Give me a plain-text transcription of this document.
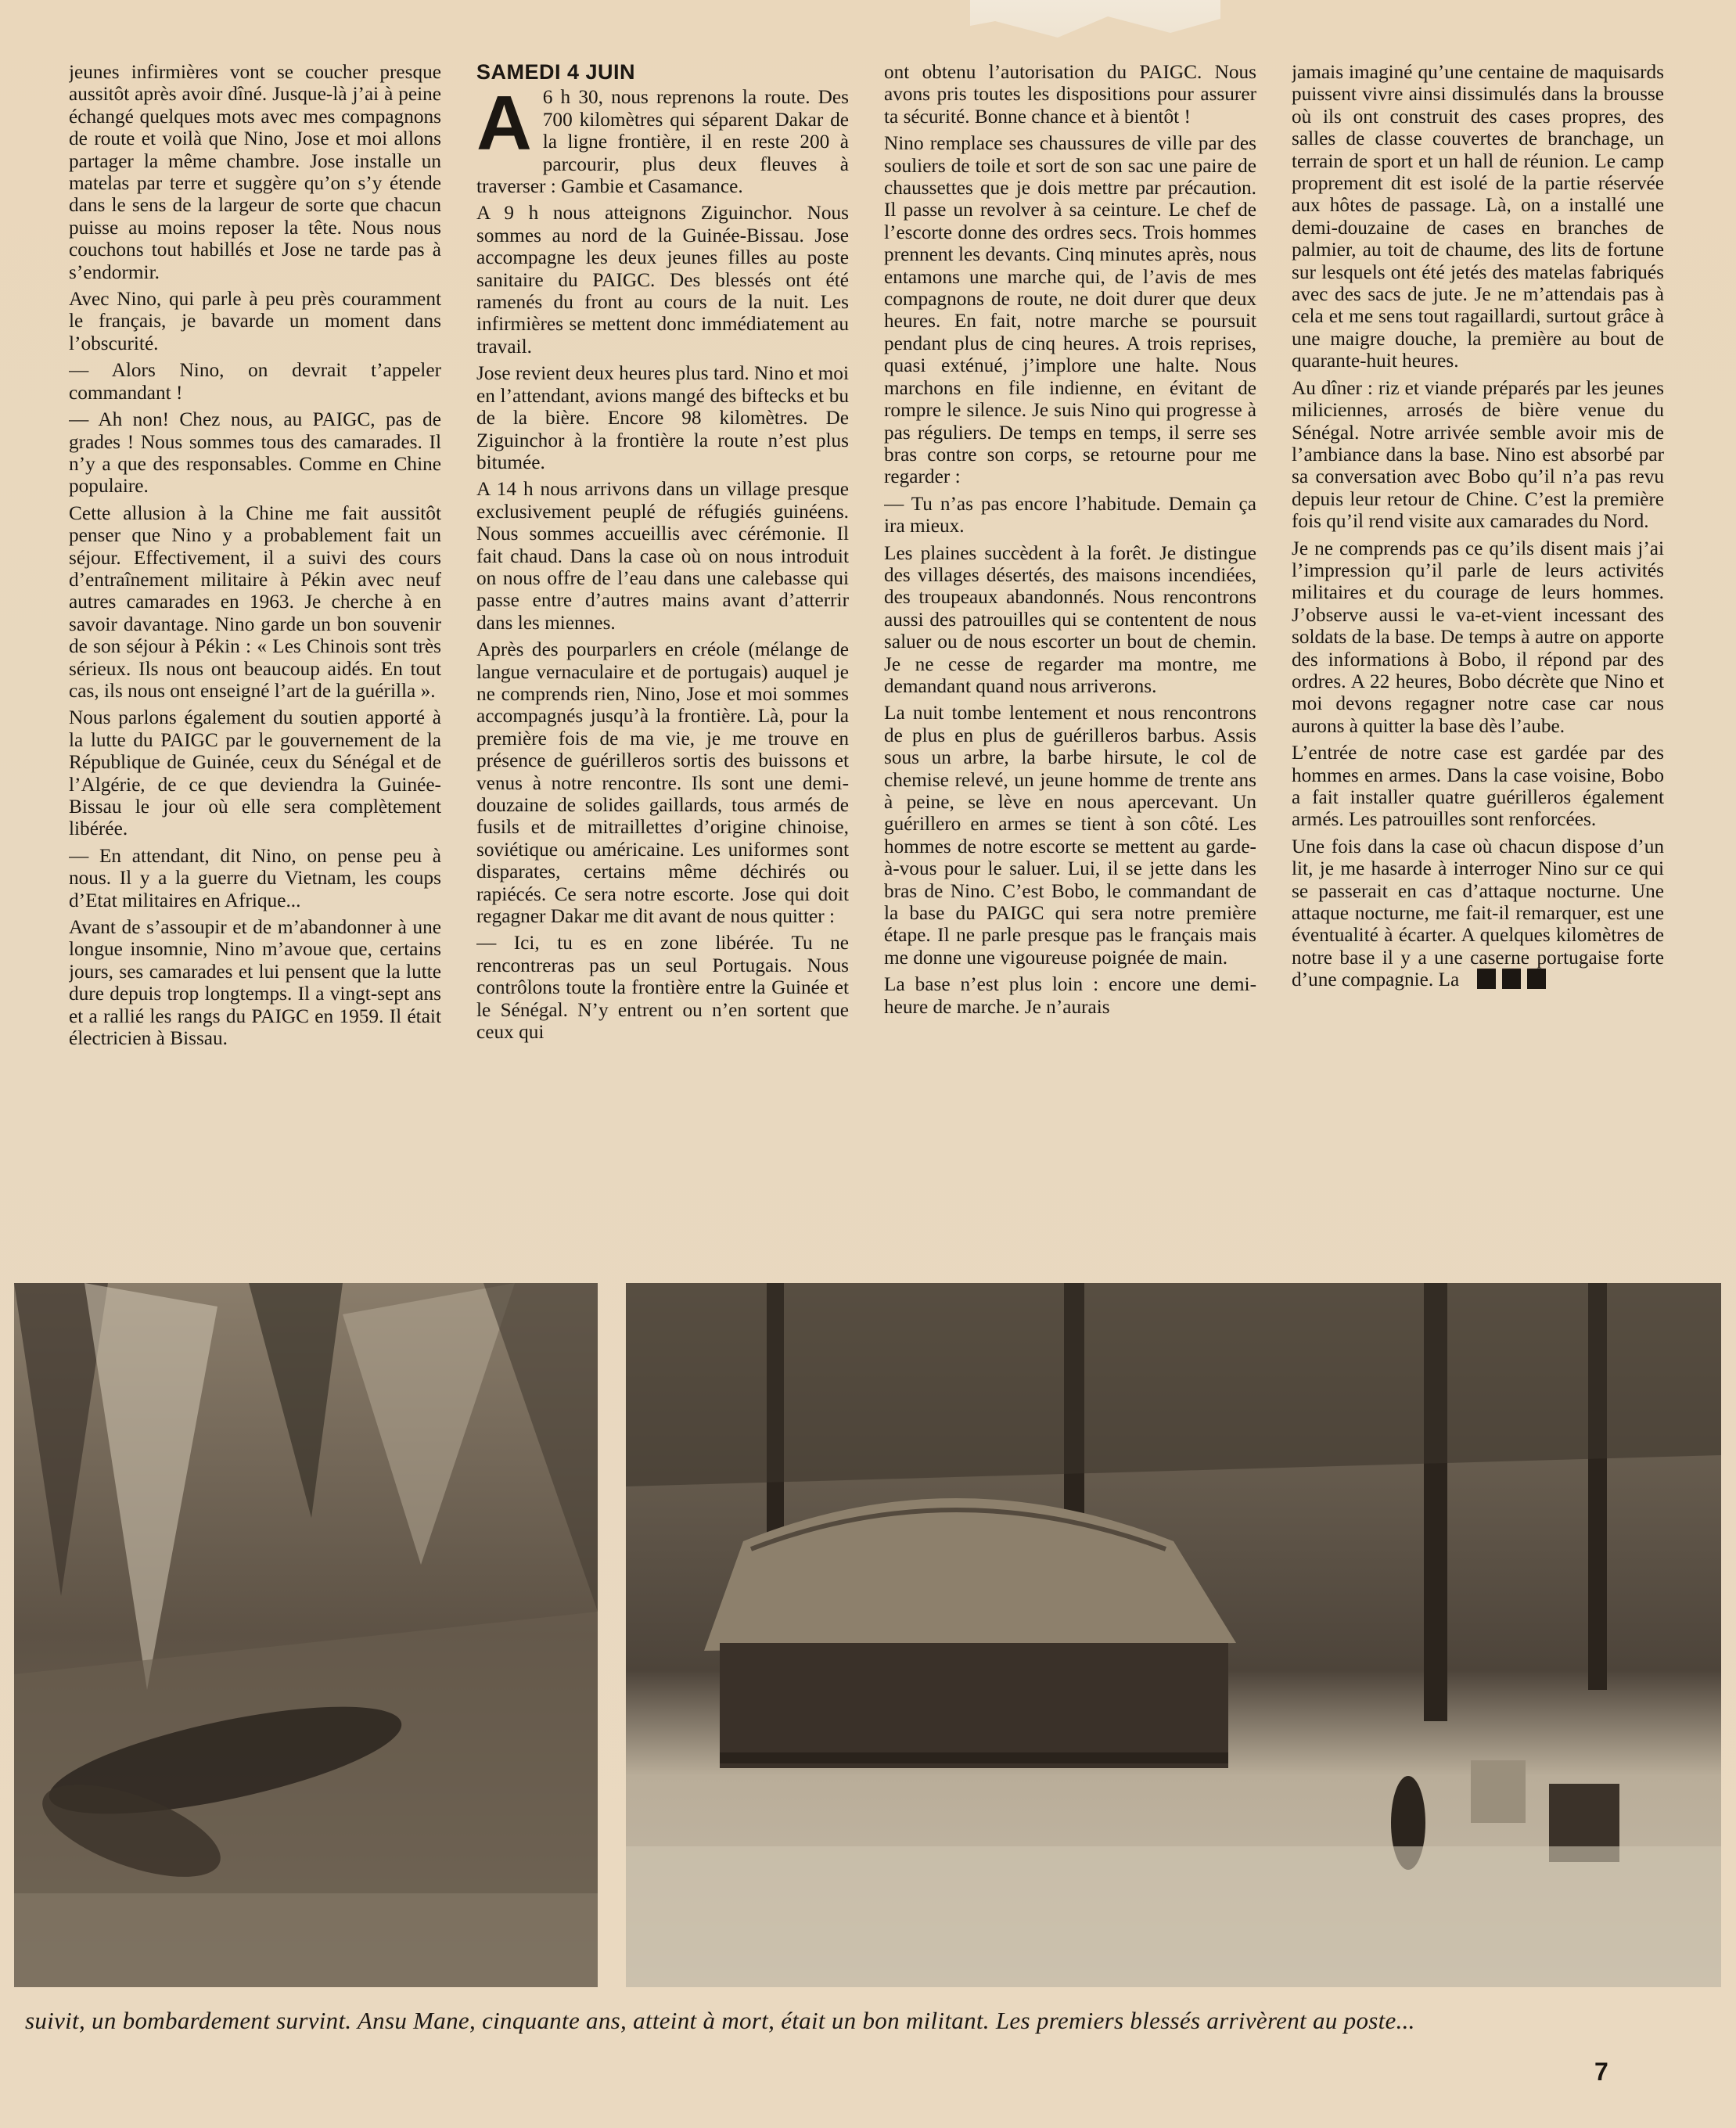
jeunes infirmières vont se coucher presque aussitôt après avoir dîné. Jusque-là j’ai à peine échangé quelques mots avec mes compagnons de route et voilà que Nino, Jose et moi allons partager la même chambre. Jose installe un matelas par terre et suggère qu’on s’y étende dans le sens de la largeur de sorte que chacun puisse au moins reposer la tête. Nous nous couchons tout habillés et Jose ne tarde pas à s’endormir.

Avec Nino, qui parle à peu près couramment le français, je bavarde un moment dans l’obscurité.

— Alors Nino, on devrait t’appeler commandant !

— Ah non! Chez nous, au PAIGC, pas de grades ! Nous sommes tous des camarades. Il n’y a que des responsables. Comme en Chine populaire.

Cette allusion à la Chine me fait aussitôt penser que Nino y a probablement fait un séjour. Effectivement, il a suivi des cours d’entraînement militaire à Pékin avec neuf autres camarades en 1963. Je cherche à en savoir davantage. Nino garde un bon souvenir de son séjour à Pékin : « Les Chinois sont très sérieux. Ils nous ont beaucoup aidés. En tout cas, ils nous ont enseigné l’art de la guérilla ».

Nous parlons également du soutien apporté à la lutte du PAIGC par le gouvernement de la République de Guinée, ceux du Sénégal et de l’Algérie, de ce que deviendra la Guinée-Bissau le jour où elle sera complètement libérée.

— En attendant, dit Nino, on pense peu à nous. Il y a la guerre du Vietnam, les coups d’Etat militaires en Afrique...

Avant de s’assoupir et de m’abandonner à une longue insomnie, Nino m’avoue que, certains jours, ses camarades et lui pensent que la lutte dure depuis trop longtemps. Il a vingt-sept ans et a rallié les rangs du PAIGC en 1959. Il était électricien à Bissau.

SAMEDI 4 JUIN

A 6 h 30, nous reprenons la route. Des 700 kilomètres qui séparent Dakar de la ligne frontière, il en reste 200 à parcourir, plus deux fleuves à traverser : Gambie et Casamance.

A 9 h nous atteignons Ziguinchor. Nous sommes au nord de la Guinée-Bissau. Jose accompagne les deux jeunes filles au poste sanitaire du PAIGC. Des blessés ont été ramenés du front au cours de la nuit. Les infirmières se mettent donc immédiatement au travail.

Jose revient deux heures plus tard. Nino et moi en l’attendant, avions mangé des biftecks et bu de la bière. Encore 98 kilomètres. De Ziguinchor à la frontière la route n’est plus bitumée.

A 14 h nous arrivons dans un village presque exclusivement peuplé de réfugiés guinéens. Nous sommes accueillis avec cérémonie. Il fait chaud. Dans la case où on nous introduit on nous offre de l’eau dans une calebasse qui passe entre d’autres mains avant d’atterrir dans les miennes.

Après des pourparlers en créole (mélange de langue vernaculaire et de portugais) auquel je ne comprends rien, Nino, Jose et moi sommes accompagnés jusqu’à la frontière. Là, pour la première fois de ma vie, je me trouve en présence de guérilleros sortis des buissons et venus à notre rencontre. Ils sont une demi-douzaine de solides gaillards, tous armés de fusils et de mitraillettes d’origine chinoise, soviétique ou américaine. Les uniformes sont disparates, certains même déchirés ou rapiécés. Ce sera notre escorte. Jose qui doit regagner Dakar me dit avant de nous quitter :

— Ici, tu es en zone libérée. Tu ne rencontreras pas un seul Portugais. Nous contrôlons toute la frontière entre la Guinée et le Sénégal. N’y entrent ou n’en sortent que ceux qui

ont obtenu l’autorisation du PAIGC. Nous avons pris toutes les dispositions pour assurer ta sécurité. Bonne chance et à bientôt !

Nino remplace ses chaussures de ville par des souliers de toile et sort de son sac une paire de chaussettes que je dois mettre par précaution. Il passe un revolver à sa ceinture. Le chef de l’escorte donne des ordres secs. Trois hommes prennent les devants. Cinq minutes après, nous entamons une marche qui, de l’avis de mes compagnons de route, ne doit durer que deux heures. En fait, notre marche se poursuit pendant plus de cinq heures. A trois reprises, quasi exténué, j’implore une halte. Nous marchons en file indienne, en évitant de rompre le silence. Je suis Nino qui progresse à pas réguliers. De temps en temps, il serre ses bras contre son corps, se retourne pour me regarder :

— Tu n’as pas encore l’habitude. Demain ça ira mieux.

Les plaines succèdent à la forêt. Je distingue des villages désertés, des maisons incendiées, des troupeaux abandonnés. Nous rencontrons aussi des patrouilles qui se contentent de nous saluer ou de nous escorter un bout de chemin. Je ne cesse de regarder ma montre, me demandant quand nous arriverons.

La nuit tombe lentement et nous rencontrons de plus en plus de guérilleros barbus. Assis sous un arbre, la barbe hirsute, le col de chemise relevé, un jeune homme de trente ans à peine, se lève en nous apercevant. Un guérillero en armes se tient à son côté. Les hommes de notre escorte se mettent au garde-à-vous pour le saluer. Lui, il se jette dans les bras de Nino. C’est Bobo, le commandant de la base du PAIGC qui sera notre première étape. Il ne parle presque pas le français mais me donne une vigoureuse poignée de main.

La base n’est plus loin : encore une demi-heure de marche. Je n’aurais

jamais imaginé qu’une centaine de maquisards puissent vivre ainsi dissimulés dans la brousse où ils ont construit des cases propres, des salles de classe couvertes de branchage, un terrain de sport et un hall de réunion. Le camp proprement dit est isolé de la partie réservée aux hôtes de passage. Là, on a installé une demi-douzaine de cases en branches de palmier, au toit de chaume, des lits de fortune sur lesquels ont été jetés des matelas fabriqués avec des sacs de jute. Je ne m’attendais pas à cela et me sens tout ragaillardi, surtout grâce à une maigre douche, la première au bout de quarante-huit heures.

Au dîner : riz et viande préparés par les jeunes miliciennes, arrosés de bière venue du Sénégal. Notre arrivée semble avoir mis de l’ambiance dans la base. Nino est absorbé par sa conversation avec Bobo qu’il n’a pas revu depuis leur retour de Chine. C’est la première fois qu’il rend visite aux camarades du Nord.

Je ne comprends pas ce qu’ils disent mais j’ai l’impression qu’il parle de leurs activités militaires et du courage de leurs hommes. J’observe aussi le va-et-vient incessant des soldats de la base. De temps à autre on apporte des informations à Bobo, il répond par des ordres. A 22 heures, Bobo décrète que Nino et moi devons regagner notre case car nous aurons à quitter la base dès l’aube.

L’entrée de notre case est gardée par des hommes en armes. Dans la case voisine, Bobo a fait installer quatre guérilleros également armés. Les patrouilles sont renforcées.

Une fois dans la case où chacun dispose d’un lit, je me hasarde à interroger Nino sur ce qui se passerait en cas d’attaque nocturne. Une attaque nocturne, me fait-il remarquer, est une éventualité à écarter. A quelques kilomètres de notre base il y a une caserne portugaise forte d’une compagnie. La

suivit, un bombardement survint. Ansu Mane, cinquante ans, atteint à mort, était un bon militant. Les premiers blessés arrivèrent au poste...
7
